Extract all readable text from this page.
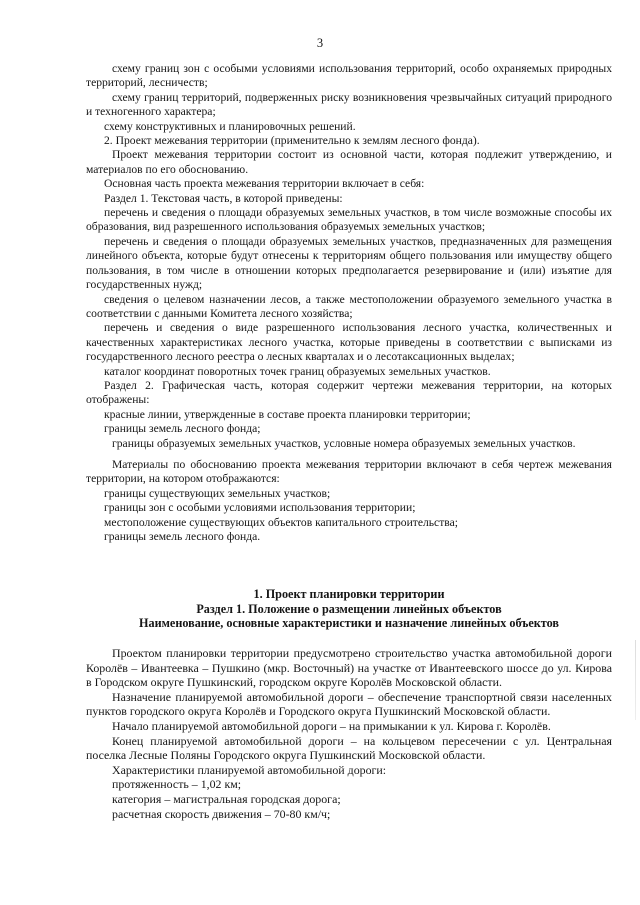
3

схему границ зон с особыми условиями использования территорий, особо охраняемых природных территорий, лесничеств;

схему границ территорий, подверженных риску возникновения чрезвычайных ситуаций природного и техногенного характера;

схему конструктивных и планировочных решений.

2. Проект межевания территории (применительно к землям лесного фонда).

Проект межевания территории состоит из основной части, которая подлежит утверждению, и материалов по его обоснованию.

Основная часть проекта межевания территории включает в себя:

Раздел 1. Текстовая часть, в которой приведены:

перечень и сведения о площади образуемых земельных участков, в том числе возможные способы их образования, вид разрешенного использования образуемых земельных участков;

перечень и сведения о площади образуемых земельных участков, предназначенных для размещения линейного объекта, которые будут отнесены к территориям общего пользования или имуществу общего пользования, в том числе в отношении которых предполагается резервирование и (или) изъятие для государственных нужд;

сведения о целевом назначении лесов, а также местоположении образуемого земельного участка в соответствии с данными Комитета лесного хозяйства;

перечень и сведения о виде разрешенного использования лесного участка, количественных и качественных характеристиках лесного участка, которые приведены в соответствии с выписками из государственного лесного реестра о лесных кварталах и о лесотаксационных выделах;

каталог координат поворотных точек границ образуемых земельных участков.

Раздел 2. Графическая часть, которая содержит чертежи межевания территории, на которых отображены:

красные линии, утвержденные в составе проекта планировки территории;

границы земель лесного фонда;

границы образуемых земельных участков, условные номера образуемых земельных участков.

Материалы по обоснованию проекта межевания территории включают в себя чертеж межевания территории, на котором отображаются:

границы существующих земельных участков;

границы зон с особыми условиями использования территории;

местоположение существующих объектов капитального строительства;

границы земель лесного фонда.

1. Проект планировки территории
Раздел 1. Положение о размещении линейных объектов
Наименование, основные характеристики и назначение линейных объектов

Проектом планировки территории предусмотрено строительство участка автомобильной дороги Королёв – Ивантеевка – Пушкино (мкр. Восточный) на участке от Ивантеевского шоссе до ул. Кирова в Городском округе Пушкинский, городском округе Королёв Московской области.

Назначение планируемой автомобильной дороги – обеспечение транспортной связи населенных пунктов городского округа Королёв и Городского округа Пушкинский Московской области.

Начало планируемой автомобильной дороги – на примыкании к ул. Кирова г. Королёв.

Конец планируемой автомобильной дороги – на кольцевом пересечении с ул. Центральная поселка Лесные Поляны Городского округа Пушкинский Московской области.

Характеристики планируемой автомобильной дороги:

протяженность – 1,02 км;

категория – магистральная городская дорога;

расчетная скорость движения – 70-80 км/ч;
